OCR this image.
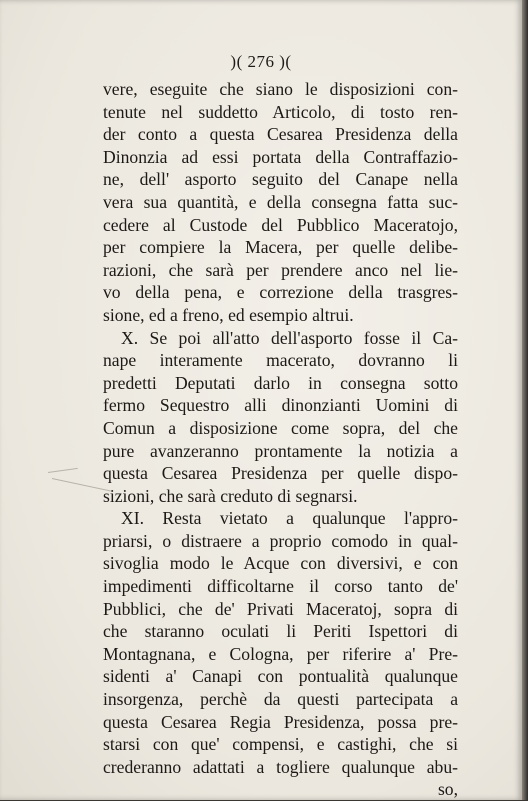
)( 276 )(
vere, eseguite che siano le disposizioni con-
tenute nel suddetto Articolo, di tosto ren-
der conto a questa Cesarea Presidenza della
Dinonzia ad essi portata della Contraffazio-
ne, dell' asporto seguito del Canape nella
vera sua quantità, e della consegna fatta suc-
cedere al Custode del Pubblico Maceratojo,
per compiere la Macera, per quelle delibe-
razioni, che sarà per prendere anco nel lie-
vo della pena, e correzione della trasgres-
sione, ed a freno, ed esempio altrui.
X. Se poi all'atto dell'asporto fosse il Ca-
nape interamente macerato, dovranno li
predetti Deputati darlo in consegna sotto
fermo Sequestro alli dinonzianti Uomini di
Comun a disposizione come sopra, del che
pure avanzeranno prontamente la notizia a
questa Cesarea Presidenza per quelle dispo-
sizioni, che sarà creduto di segnarsi.
XI. Resta vietato a qualunque l'appro-
priarsi, o distraere a proprio comodo in qual-
sivoglia modo le Acque con diversivi, e con
impedimenti difficoltarne il corso tanto de'
Pubblici, che de' Privati Maceratoj, sopra di
che staranno oculati li Periti Ispettori di
Montagnana, e Cologna, per riferire a' Pre-
sidenti a' Canapi con pontualità qualunque
insorgenza, perchè da questi partecipata a
questa Cesarea Regia Presidenza, possa pre-
starsi con que' compensi, e castighi, che si
crederanno adattati a togliere qualunque abu-
so,
